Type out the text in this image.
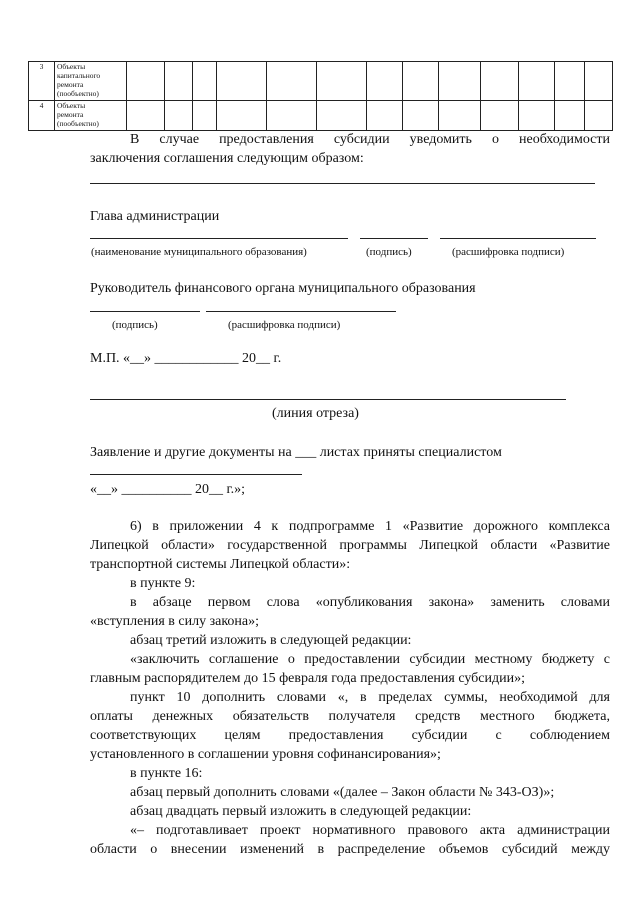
3	Объекты
капитального
ремонта
(пообъектно)													

4	Объекты
ремонта
(пообъектно)													

В случае предоставления субсидии уведомить о необходимости
заключения соглашения следующим образом:
Глава администрации
(наименование муниципального образования)	(подпись)	(расшифровка подписи)
Руководитель финансового органа муниципального образования
(подпись)	(расшифровка подписи)
М.П. «__» ____________ 20__ г.
(линия отреза)
Заявление и другие документы на ___ листах приняты специалистом
«__» __________ 20__ г.»;
6) в приложении 4 к подпрограмме 1 «Развитие дорожного комплекса
Липецкой области» государственной программы Липецкой области «Развитие
транспортной системы Липецкой области»:
в пункте 9:
в абзаце первом слова «опубликования закона» заменить словами
«вступления в силу закона»;
абзац третий изложить в следующей редакции:
«заключить соглашение о предоставлении субсидии местному бюджету с
главным распорядителем до 15 февраля года предоставления субсидии»;
пункт 10 дополнить словами «, в пределах суммы, необходимой для
оплаты денежных обязательств получателя средств местного бюджета,
соответствующих целям предоставления субсидии с соблюдением
установленного в соглашении уровня софинансирования»;
в пункте 16:
абзац первый дополнить словами «(далее – Закон области № 343-ОЗ)»;
абзац двадцать первый изложить в следующей редакции:
«– подготавливает проект нормативного правового акта администрации
области о внесении изменений в распределение объемов субсидий между
